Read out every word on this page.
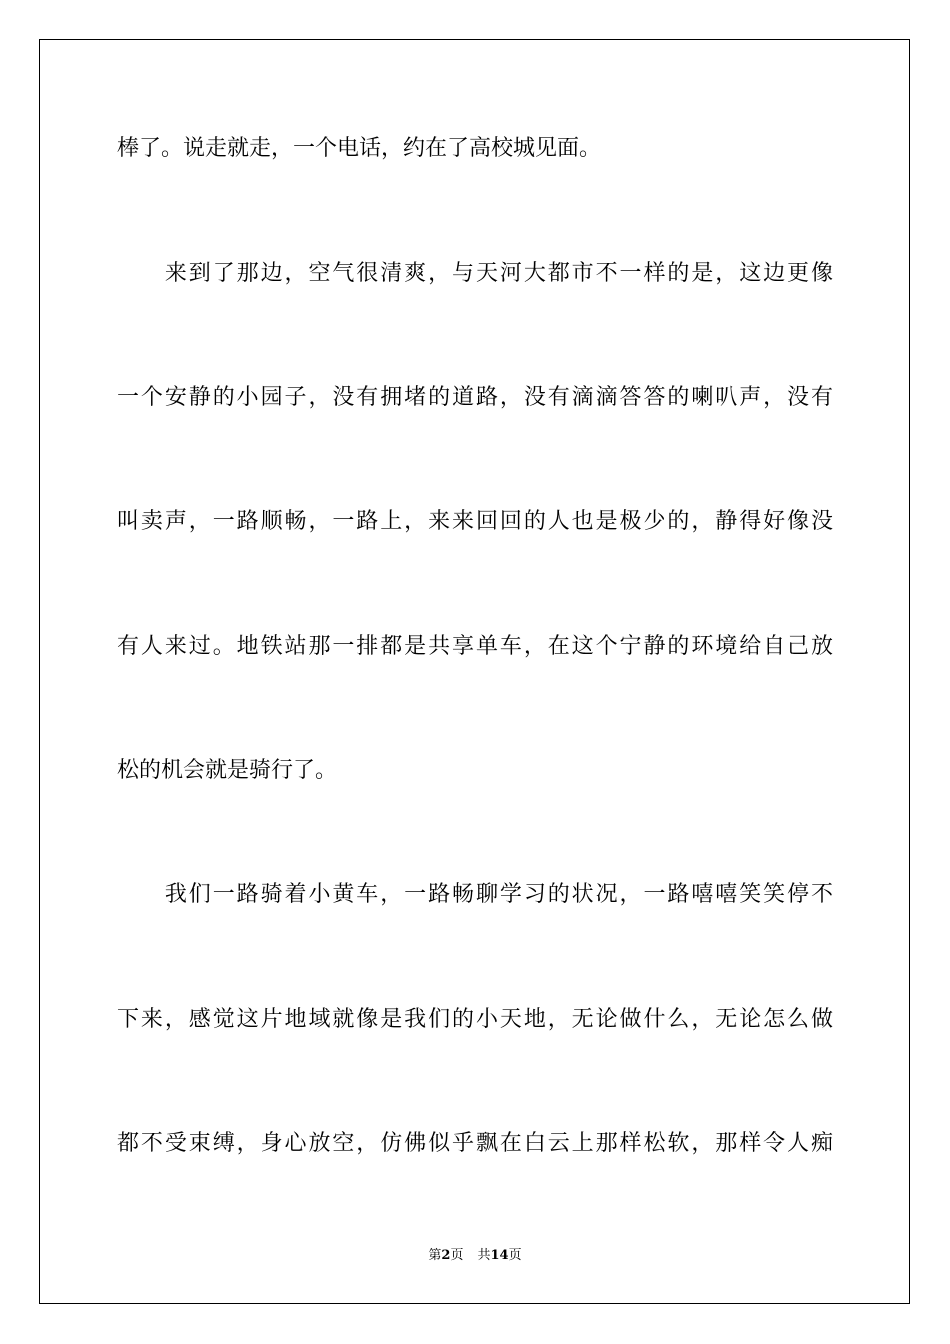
棒了。说走就走，一个电话，约在了高校城见面。
　　来到了那边，空气很清爽，与天河大都市不一样的是，这边更像
一个安静的小园子，没有拥堵的道路，没有滴滴答答的喇叭声，没有
叫卖声，一路顺畅，一路上，来来回回的人也是极少的，静得好像没
有人来过。地铁站那一排都是共享单车，在这个宁静的环境给自己放
松的机会就是骑行了。
　　我们一路骑着小黄车，一路畅聊学习的状况，一路嘻嘻笑笑停不
下来，感觉这片地域就像是我们的小天地，无论做什么，无论怎么做
都不受束缚，身心放空，仿佛似乎飘在白云上那样松软，那样令人痴
第2页 共14页
